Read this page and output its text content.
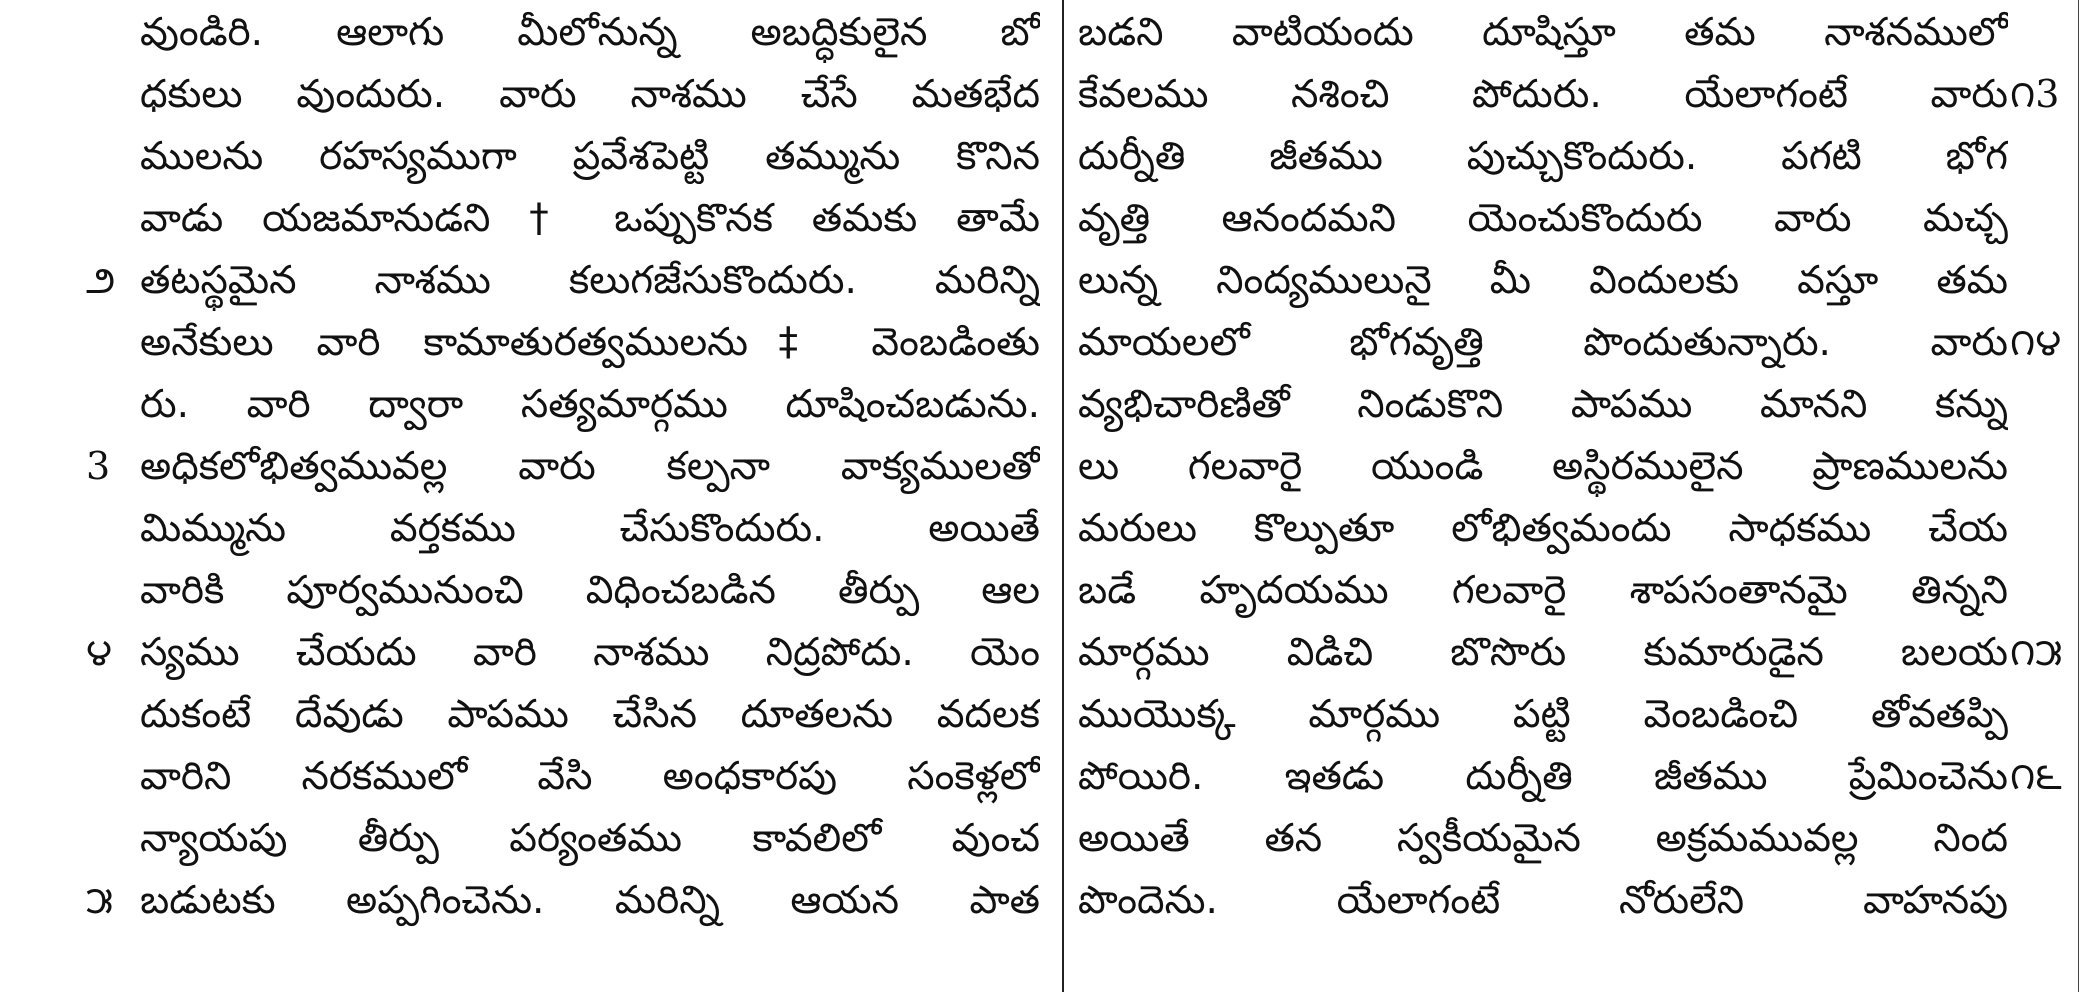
వుండిరి. ఆలాగు మీలోనున్న అబద్ధికులైన బో
ధకులు వుందురు. వారు నాశము చేసే మతభేద
ములను రహస్యముగా ప్రవేశపెట్టి తమ్మును కొనిన
వాడు యజమానుడని † ఒప్పుకొనక తమకు తామే
తటస్థమైన నాశము కలుగజేసుకొందురు. మరిన్ని
అనేకులు వారి కామాతురత్వములను‡ వెంబడింతు
రు. వారి ద్వారా సత్యమార్గము దూషించబడును.
అధికలోభిత్వమువల్ల వారు కల్పనా వాక్యములతో
మిమ్మును వర్తకము చేసుకొందురు. అయితే
వారికి పూర్వమునుంచి విధించబడిన తీర్పు ఆల
స్యము చేయదు వారి నాశము నిద్రపోదు. యెం
దుకంటే దేవుడు పాపము చేసిన దూతలను వదలక
వారిని నరకములో వేసి అంధకారపు సంకెళ్లలో
న్యాయపు తీర్పు పర్యంతము కావలిలో వుంచ
బడుటకు అప్పగించెను. మరిన్ని ఆయన పాత
౨
3
౪
౫
బడని వాటియందు దూషిస్తూ తమ నాశనములో
కేవలము నశించి పోదురు. యేలాగంటే వారు
దుర్నీతి జీతము పుచ్చుకొందురు. పగటి భోగ
వృత్తి ఆనందమని యెంచుకొందురు వారు మచ్చ
లున్న నింద్యములునై మీ విందులకు వస్తూ తమ
మాయలలో భోగవృత్తి పొందుతున్నారు. వారు
వ్యభిచారిణితో నిండుకొని పాపము మానని కన్ను
లు గలవారై యుండి అస్థిరములైన ప్రాణములను
మరులు కొల్పుతూ లోభిత్వమందు సాధకము చేయ
బడే హృదయము గలవారై శాపసంతానమై తిన్నని
మార్గము విడిచి బొసొరు కుమారుడైన బలయ
ముయొక్క మార్గము పట్టి వెంబడించి తోవతప్పి
పోయిరి. ఇతడు దుర్నీతి జీతము ప్రేమించెను
అయితే తన స్వకీయమైన అక్రమమువల్ల నింద
పొందెను. యేలాగంటే నోరులేని వాహనపు
౧3
౧౪
౧౫
౧౬
